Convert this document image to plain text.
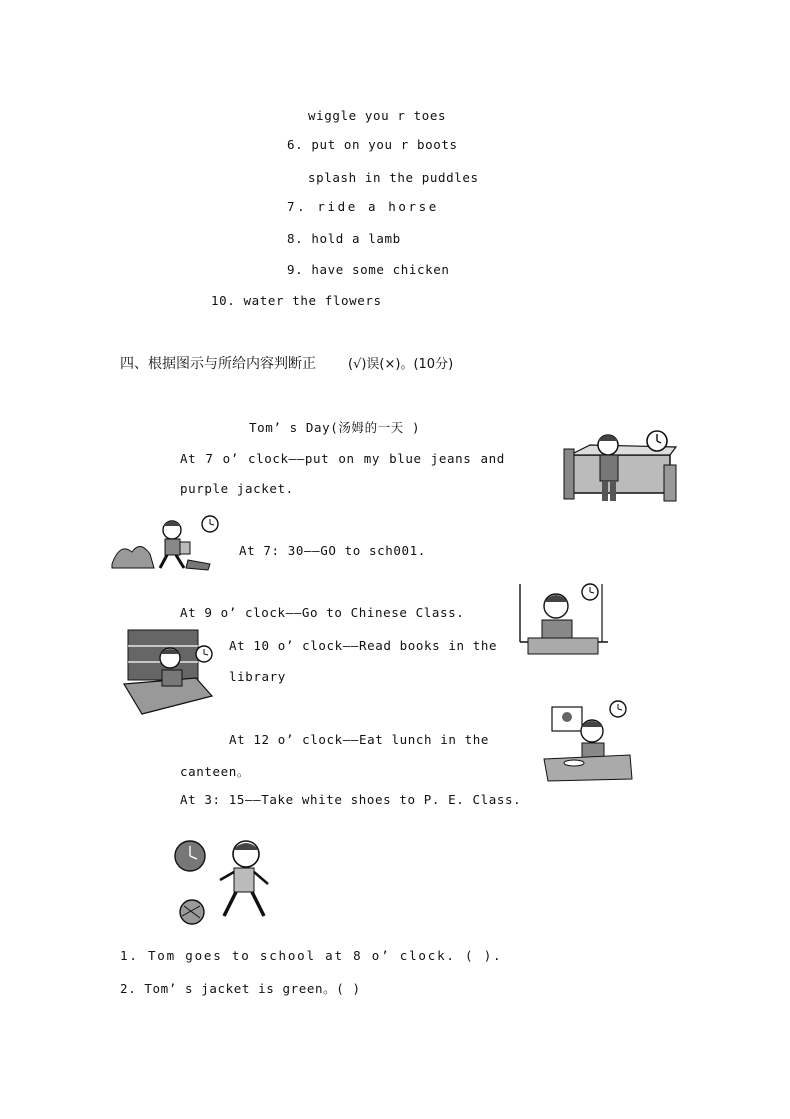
wiggle you r toes
6. put on you r boots
splash in the puddles
7. ride a horse
8. hold a lamb
9. have some chicken
10. water the flowers
四、根据图示与所给内容判断正 (√)误(×)。(10分)
Tom’ s Day(汤姆的一天 )
At 7 o’ clock——put on my blue jeans and
purple jacket.
At 7: 30——GO to sch001.
At 9 o’ clock——Go to Chinese Class.
At 10 o’ clock——Read books in the
library
At 12 o’ clock——Eat lunch in the
canteen。
At 3: 15——Take white shoes to P. E. Class.
1. Tom goes to school at 8 o’ clock. ( ).
2. Tom’ s jacket is green。( )
